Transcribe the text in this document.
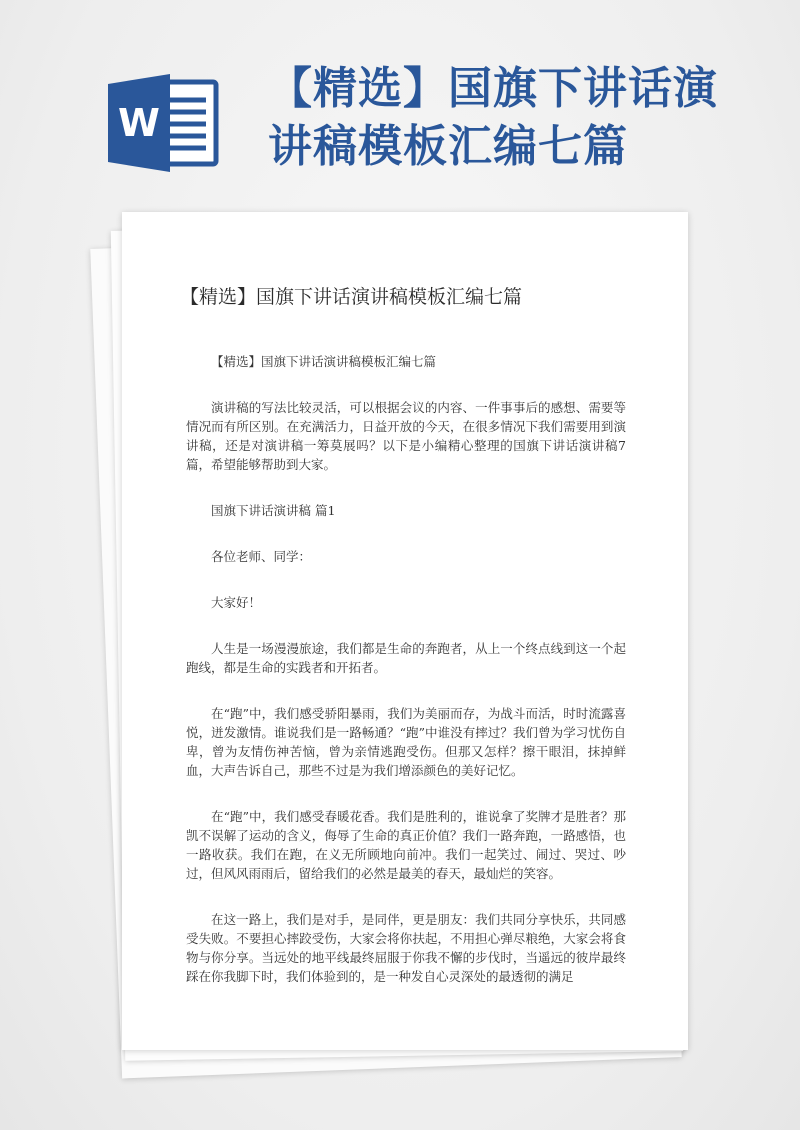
W
【精选】国旗下讲话演
讲稿模板汇编七篇
【精选】国旗下讲话演讲稿模板汇编七篇

【精选】国旗下讲话演讲稿模板汇编七篇

演讲稿的写法比较灵活，可以根据会议的内容、一件事事后的感想、需要等情况而有所区别。在充满活力，日益开放的今天，在很多情况下我们需要用到演讲稿，还是对演讲稿一筹莫展吗？以下是小编精心整理的国旗下讲话演讲稿7篇，希望能够帮助到大家。

国旗下讲话演讲稿 篇1

各位老师、同学：

大家好！

人生是一场漫漫旅途，我们都是生命的奔跑者，从上一个终点线到这一个起跑线，都是生命的实践者和开拓者。

在“跑”中，我们感受骄阳暴雨，我们为美丽而存，为战斗而活，时时流露喜悦，迸发激情。谁说我们是一路畅通？“跑”中谁没有摔过？我们曾为学习忧伤自卑，曾为友情伤神苦恼，曾为亲情逃跑受伤。但那又怎样？擦干眼泪，抹掉鲜血，大声告诉自己，那些不过是为我们增添颜色的美好记忆。

在“跑”中，我们感受春暖花香。我们是胜利的，谁说拿了奖牌才是胜者？那凯不误解了运动的含义，侮辱了生命的真正价值？我们一路奔跑，一路感悟，也一路收获。我们在跑，在义无所顾地向前冲。我们一起笑过、闹过、哭过、吵过，但风风雨雨后，留给我们的必然是最美的春天，最灿烂的笑容。

在这一路上，我们是对手，是同伴，更是朋友：我们共同分享快乐，共同感受失败。不要担心摔跤受伤，大家会将你扶起，不用担心弹尽粮绝，大家会将食物与你分享。当远处的地平线最终屈服于你我不懈的步伐时，当遥远的彼岸最终踩在你我脚下时，我们体验到的，是一种发自心灵深处的最透彻的满足
